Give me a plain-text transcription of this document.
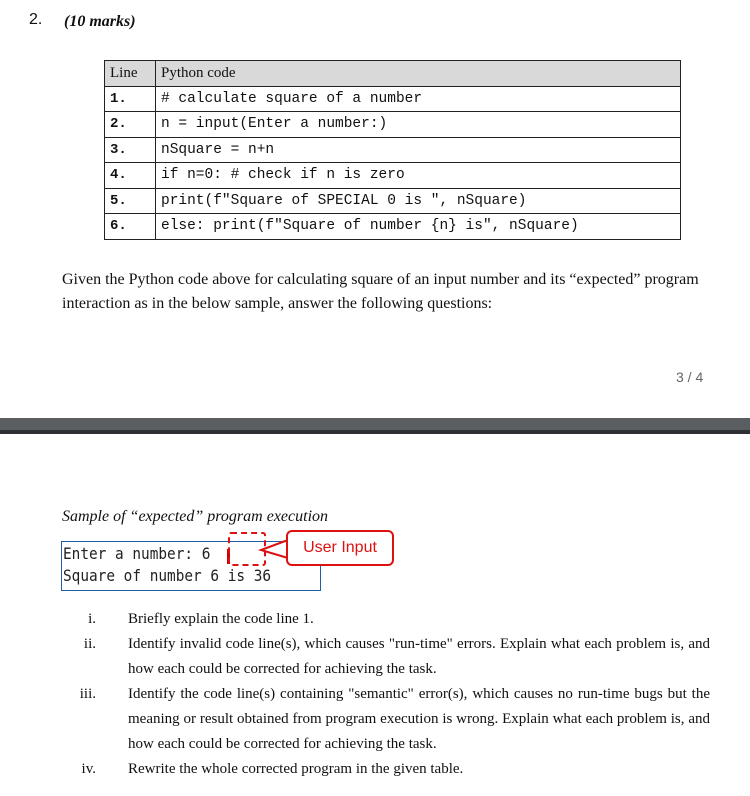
2. (10 marks)
Line	Python code
1.	# calculate square of a number
2.	n = input(Enter a number:)
3.	nSquare = n+n
4.	if n=0: # check if n is zero
5.	print(f"Square of SPECIAL 0 is ", nSquare)
6.	else: print(f"Square of number {n} is", nSquare)
Given the Python code above for calculating square of an input number and its “expected” program interaction as in the below sample, answer the following questions:
3 / 4
Sample of “expected” program execution
Enter a number: 6
Square of number 6 is 36
User Input
i. Briefly explain the code line 1.
ii. Identify invalid code line(s), which causes "run-time" errors. Explain what each problem is, and how each could be corrected for achieving the task.
iii. Identify the code line(s) containing "semantic" error(s), which causes no run-time bugs but the meaning or result obtained from program execution is wrong. Explain what each problem is, and how each could be corrected for achieving the task.
iv. Rewrite the whole corrected program in the given table.
